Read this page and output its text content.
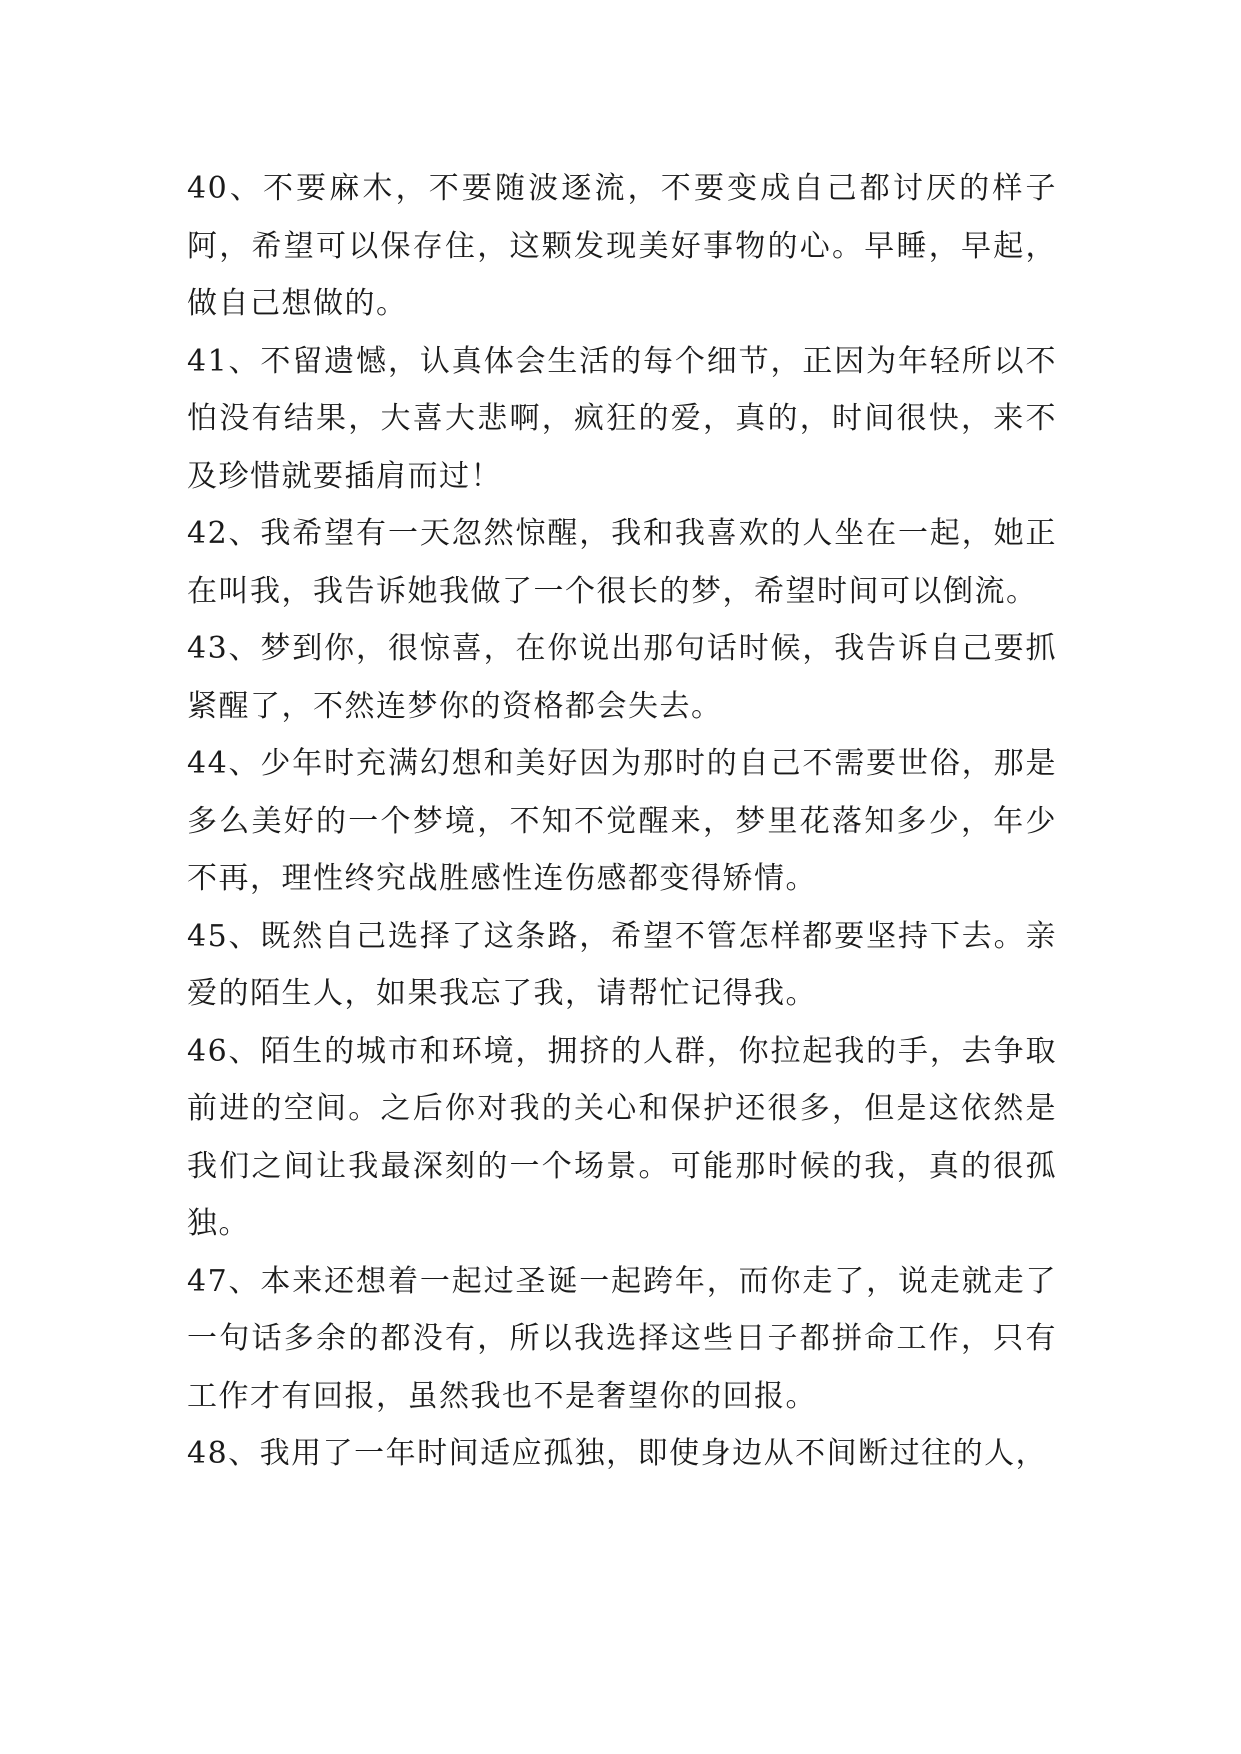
40、不要麻木，不要随波逐流，不要变成自己都讨厌的样子阿，希望可以保存住，这颗发现美好事物的心。早睡，早起，做自己想做的。

41、不留遗憾，认真体会生活的每个细节，正因为年轻所以不怕没有结果，大喜大悲啊，疯狂的爱，真的，时间很快，来不及珍惜就要插肩而过！

42、我希望有一天忽然惊醒，我和我喜欢的人坐在一起，她正在叫我，我告诉她我做了一个很长的梦，希望时间可以倒流。

43、梦到你，很惊喜，在你说出那句话时候，我告诉自己要抓紧醒了，不然连梦你的资格都会失去。

44、少年时充满幻想和美好因为那时的自己不需要世俗，那是多么美好的一个梦境，不知不觉醒来，梦里花落知多少，年少不再，理性终究战胜感性连伤感都变得矫情。

45、既然自己选择了这条路，希望不管怎样都要坚持下去。亲爱的陌生人，如果我忘了我，请帮忙记得我。

46、陌生的城市和环境，拥挤的人群，你拉起我的手，去争取前进的空间。之后你对我的关心和保护还很多，但是这依然是我们之间让我最深刻的一个场景。可能那时候的我，真的很孤独。

47、本来还想着一起过圣诞一起跨年，而你走了，说走就走了 一句话多余的都没有，所以我选择这些日子都拼命工作，只有工作才有回报，虽然我也不是奢望你的回报。

48、我用了一年时间适应孤独，即使身边从不间断过往的人，
